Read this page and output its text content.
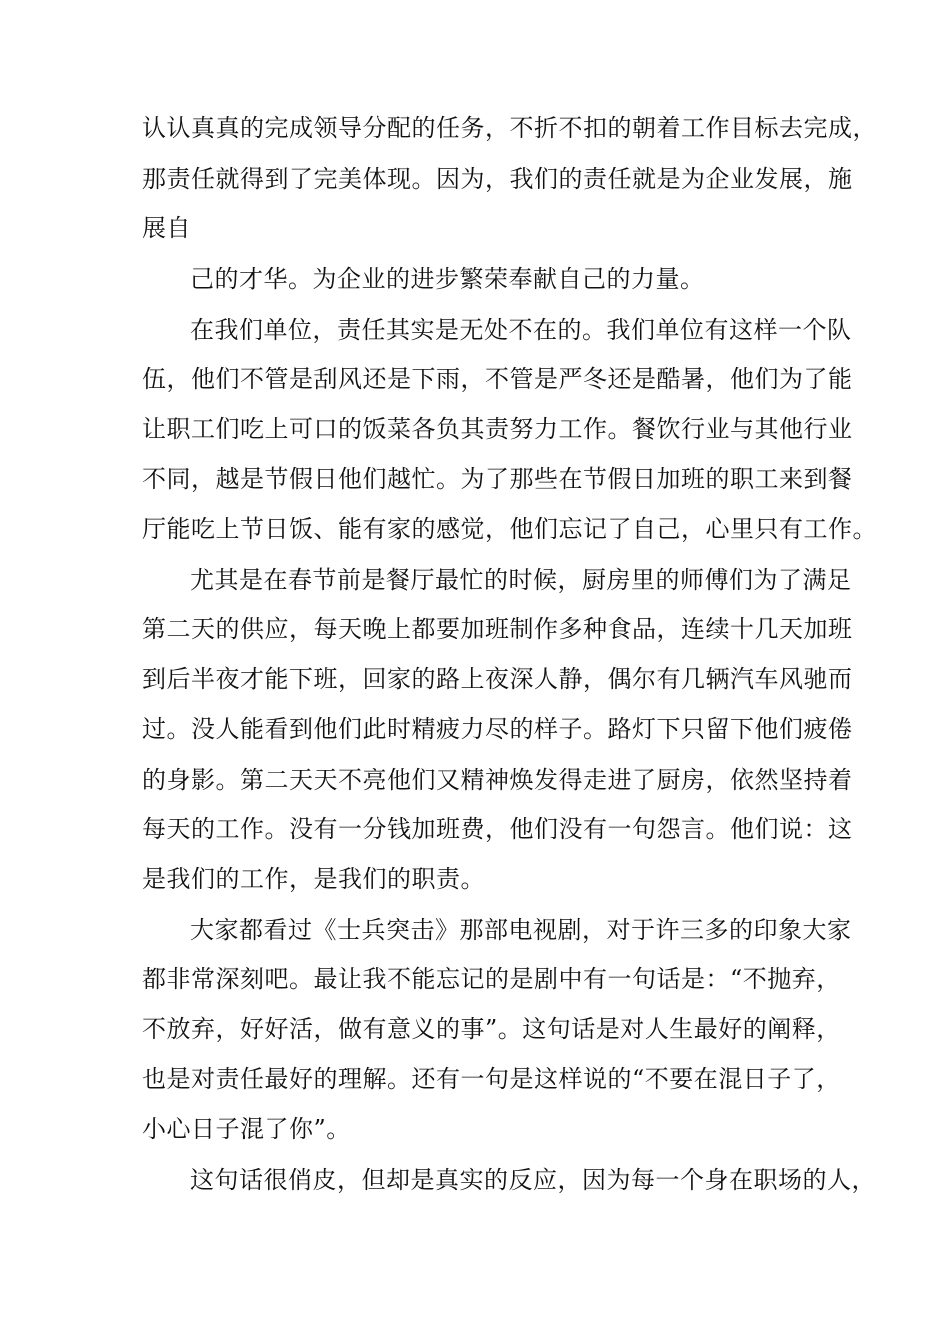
认认真真的完成领导分配的任务，不折不扣的朝着工作目标去完成，
那责任就得到了完美体现。因为，我们的责任就是为企业发展，施
展自
己的才华。为企业的进步繁荣奉献自己的力量。
在我们单位，责任其实是无处不在的。我们单位有这样一个队
伍，他们不管是刮风还是下雨，不管是严冬还是酷暑，他们为了能
让职工们吃上可口的饭菜各负其责努力工作。餐饮行业与其他行业
不同，越是节假日他们越忙。为了那些在节假日加班的职工来到餐
厅能吃上节日饭、能有家的感觉，他们忘记了自己，心里只有工作。
尤其是在春节前是餐厅最忙的时候，厨房里的师傅们为了满足
第二天的供应，每天晚上都要加班制作多种食品，连续十几天加班
到后半夜才能下班，回家的路上夜深人静，偶尔有几辆汽车风驰而
过。没人能看到他们此时精疲力尽的样子。路灯下只留下他们疲倦
的身影。第二天天不亮他们又精神焕发得走进了厨房，依然坚持着
每天的工作。没有一分钱加班费，他们没有一句怨言。他们说：这
是我们的工作，是我们的职责。
大家都看过《士兵突击》那部电视剧，对于许三多的印象大家
都非常深刻吧。最让我不能忘记的是剧中有一句话是：“不抛弃，
不放弃，好好活，做有意义的事”。这句话是对人生最好的阐释，
也是对责任最好的理解。还有一句是这样说的“不要在混日子了，
小心日子混了你”。
这句话很俏皮，但却是真实的反应，因为每一个身在职场的人，
